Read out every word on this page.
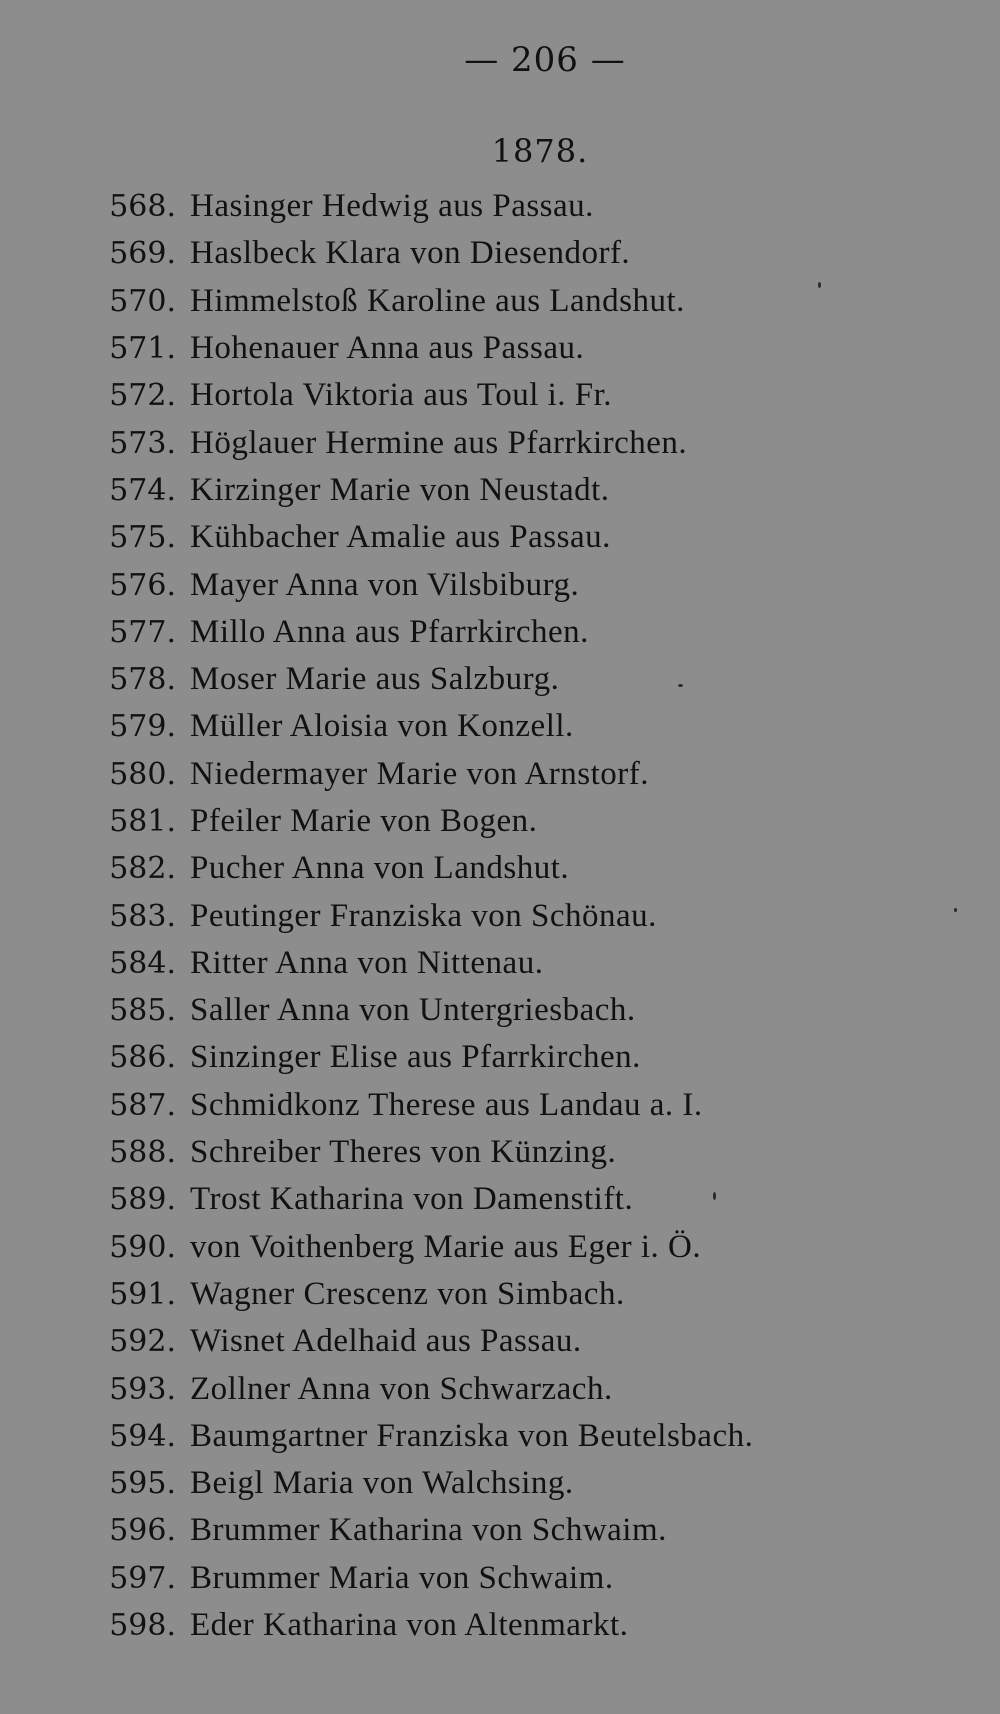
— 206 —
1878.
568. Hasinger Hedwig aus Passau.
569. Haslbeck Klara von Diesendorf.
570. Himmelstoß Karoline aus Landshut.
571. Hohenauer Anna aus Passau.
572. Hortola Viktoria aus Toul i. Fr.
573. Höglauer Hermine aus Pfarrkirchen.
574. Kirzinger Marie von Neustadt.
575. Kühbacher Amalie aus Passau.
576. Mayer Anna von Vilsbiburg.
577. Millo Anna aus Pfarrkirchen.
578. Moser Marie aus Salzburg.
579. Müller Aloisia von Konzell.
580. Niedermayer Marie von Arnstorf.
581. Pfeiler Marie von Bogen.
582. Pucher Anna von Landshut.
583. Peutinger Franziska von Schönau.
584. Ritter Anna von Nittenau.
585. Saller Anna von Untergriesbach.
586. Sinzinger Elise aus Pfarrkirchen.
587. Schmidkonz Therese aus Landau a. I.
588. Schreiber Theres von Künzing.
589. Trost Katharina von Damenstift.
590. von Voithenberg Marie aus Eger i. Ö.
591. Wagner Crescenz von Simbach.
592. Wisnet Adelhaid aus Passau.
593. Zollner Anna von Schwarzach.
594. Baumgartner Franziska von Beutelsbach.
595. Beigl Maria von Walchsing.
596. Brummer Katharina von Schwaim.
597. Brummer Maria von Schwaim.
598. Eder Katharina von Altenmarkt.
